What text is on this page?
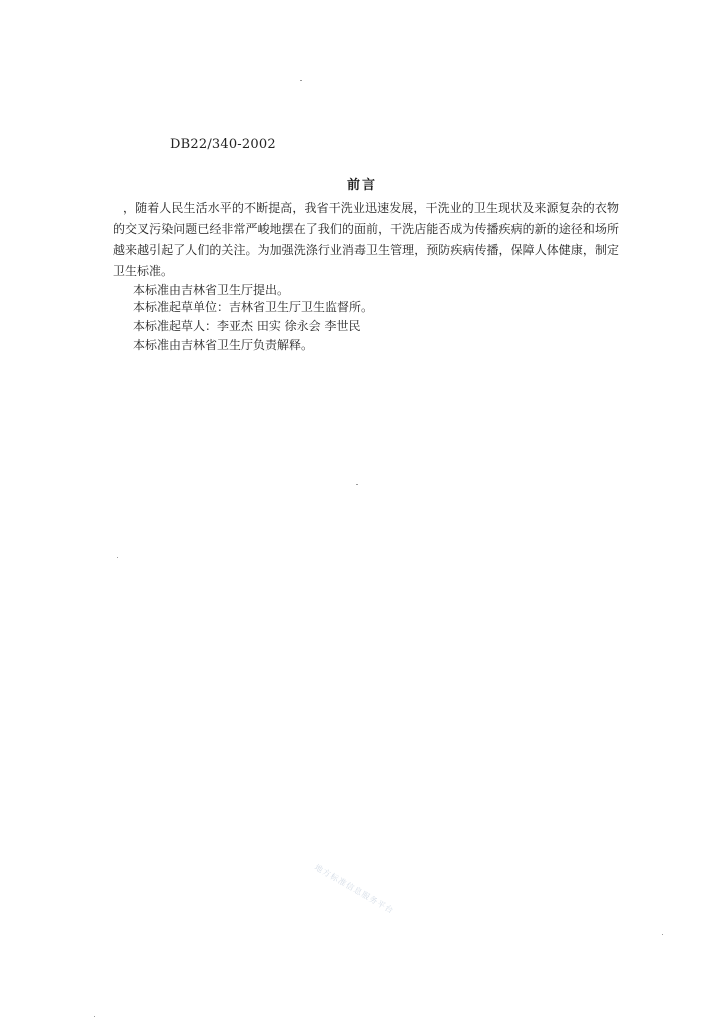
DB22/340-2002
前言

，随着人民生活水平的不断提高，我省干洗业迅速发展，干洗业的卫生现状及来源复杂的衣物的交叉污染问题已经非常严峻地摆在了我们的面前，干洗店能否成为传播疾病的新的途径和场所越来越引起了人们的关注。为加强洗涤行业消毒卫生管理，预防疾病传播，保障人体健康，制定卫生标准。

本标准由吉林省卫生厅提出。

本标准起草单位：吉林省卫生厅卫生监督所。

本标准起草人：李亚杰 田实 徐永会 李世民

本标准由吉林省卫生厅负责解释。

地方标准信息服务平台
